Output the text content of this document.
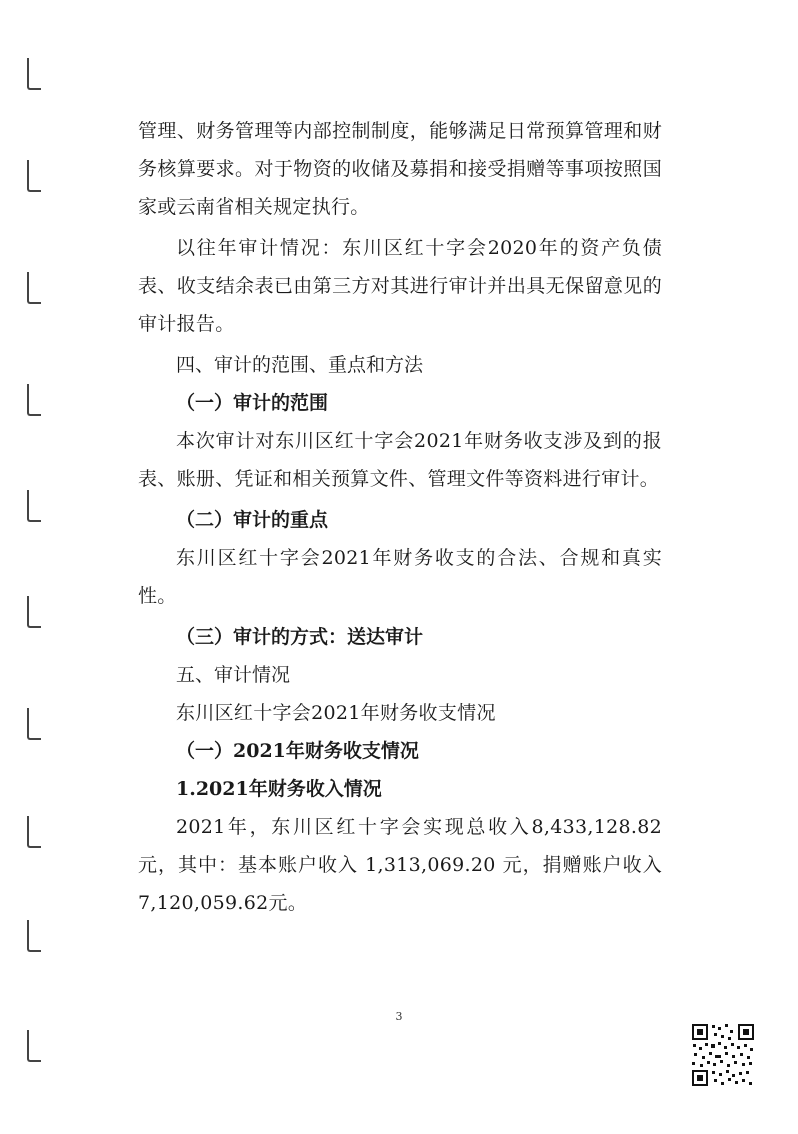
管理、财务管理等内部控制制度，能够满足日常预算管理和财务核算要求。对于物资的收储及募捐和接受捐赠等事项按照国家或云南省相关规定执行。

以往年审计情况：东川区红十字会2020年的资产负债表、收支结余表已由第三方对其进行审计并出具无保留意见的审计报告。

四、审计的范围、重点和方法

（一）审计的范围

本次审计对东川区红十字会2021年财务收支涉及到的报表、账册、凭证和相关预算文件、管理文件等资料进行审计。

（二）审计的重点

东川区红十字会2021年财务收支的合法、合规和真实性。

（三）审计的方式：送达审计

五、审计情况

东川区红十字会2021年财务收支情况

（一）2021年财务收支情况

1.2021年财务收入情况

2021年，东川区红十字会实现总收入8,433,128.82元，其中：基本账户收入 1,313,069.20 元，捐赠账户收入7,120,059.62元。

3
